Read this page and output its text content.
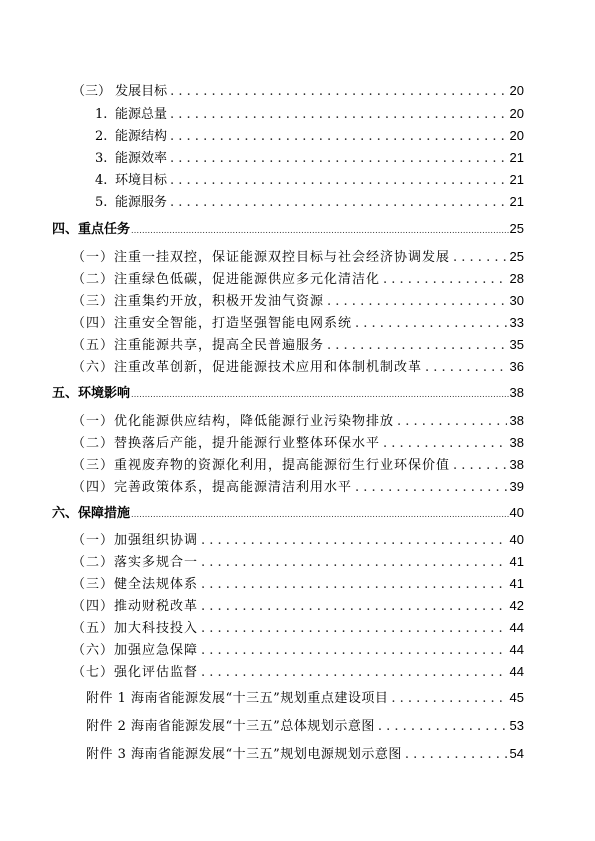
（三） 发展目标 . . .	20
1. 能源总量 . . .	20
2. 能源结构 . . .	20
3. 能源效率 . . .	21
4. 环境目标 . . .	21
5. 能源服务 . . .	21
四、重点任务 .....	25
（一）注重一挂双控，保证能源双控目标与社会经济协调发展 . . .	25
（二）注重绿色低碳，促进能源供应多元化清洁化 . . .	28
（三）注重集约开放，积极开发油气资源 . . .	30
（四）注重安全智能，打造坚强智能电网系统 . . .	33
（五）注重能源共享，提高全民普遍服务 . . .	35
（六）注重改革创新，促进能源技术应用和体制机制改革 . . .	36
五、环境影响 .....	38
（一）优化能源供应结构，降低能源行业污染物排放 . . .	38
（二）替换落后产能，提升能源行业整体环保水平 . . .	38
（三）重视废弃物的资源化利用，提高能源衍生行业环保价值 . . .	38
（四）完善政策体系，提高能源清洁利用水平 . . .	39
六、保障措施 .....	40
（一）加强组织协调 . . .	40
（二）落实多规合一 . . .	41
（三）健全法规体系 . . .	41
（四）推动财税改革 . . .	42
（五）加大科技投入 . . .	44
（六）加强应急保障 . . .	44
（七）强化评估监督 . . .	44
附件 1 海南省能源发展“十三五”规划重点建设项目 . . .	45
附件 2 海南省能源发展“十三五”总体规划示意图 . . .	53
附件 3 海南省能源发展“十三五”规划电源规划示意图 . . .	54
